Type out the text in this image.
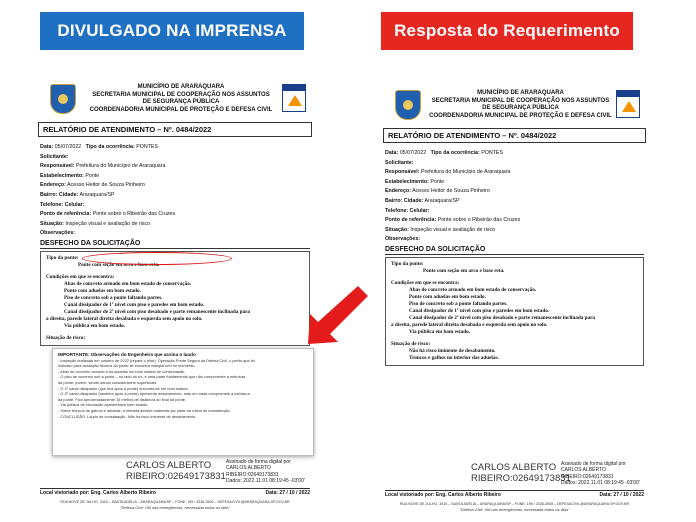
DIVULGADO NA IMPRENSA	Resposta do Requerimento
MUNICÍPIO DE ARARAQUARA
SECRETARIA MUNICIPAL DE COOPERAÇÃO NOS ASSUNTOS
DE SEGURANÇA PÚBLICA
COORDENADORIA MUNICIPAL DE PROTEÇÃO E DEFESA CIVIL
RELATÓRIO DE ATENDIMENTO – Nº. 0484/2022
Data: 05/07/2022 Tipo da ocorrência: PONTES
Solicitante:
Responsável: Prefeitura do Município de Araraquara
Estabelecimento: Ponte
Endereço: Acesso Heitor de Souza Pinheiro
Bairro: Cidade: Araraquara/SP
Telefone: Celular:
Ponto de referência: Ponte sobre o Ribeirão das Cruzes
Situação: Inspeção visual e avaliação de risco
Observações:
DESFECHO DA SOLICITAÇÃO
Tipo da ponte:
Ponte com seção em arco e base reta.
Condições em que se encontra:
Abas de concreto armado em bom estado de conservação.
Ponte com aduelas em bom estado.
Piso de concreto sob a ponte faltando partes.
Canal dissipador de 1º nível com piso e paredes em bom estado.
Canal dissipador de 2º nível com piso desabado e parte remanescente inclinada para
a direita, parede lateral direita desabada e esquerda sem apoio no solo.
Via pública em bom estado.
Situação de risco:
CARLOS ALBERTO
RIBEIRO:02649173831
Assinado de forma digital por
CARLOS ALBERTO
RIBEIRO:02649173831
Dados: 2022.11.01 08:19:45 -03'00'
Local vistoriado por: Eng. Carlos Alberto Ribeiro	Data: 27 / 10 / 2022
RUA NOVE DE JULHO, 3415 – SANTA ADÉLIA – ARARAQUARA/SP – FONE: 199 / 3336-3505 – DEFESACIVIL@ARARAQUARA.SP.GOV.BR
"Defesa Civil: Útil nas emergências, necessária todos os dias"
IMPORTANTE: Observações do Engenheiro que assina o laudo
- Inspeção realizada em outubro de 2022 (repare o pilar): Operação Ponte Segura da Defesa Civil, o perito que foi
indicado para avaliação técnica da ponte se encontra indisponível no momento.
- Abas de concreto armado e as aduelas em bom estado de conservação.
- O piso de concreto sob a ponte – no lado do rio, é uma parte fundamental que não compromete a estrutura
da ponte; porém, sendo danos consideráveis superficiais.
- O 1º canal dissipador (que fica após a ponte) encontra-se em bom estado.
- O 2º canal dissipador (também após a ponte) apresenta desabamento, mas em nada compromete a estrutura
da ponte. Fica aproximadamente 15 metros de distância do final da ponte.
- Via pública de circulação apresentava bom estado.
- Sobre troncos de galhos e aduelas: a retirada desses materiais faz parte da rotina de manutenção.
- CONCLUSÃO: Laudo de constatação. Não há risco iminente de desabamento.
MUNICÍPIO DE ARARAQUARA
SECRETARIA MUNICIPAL DE COOPERAÇÃO NOS ASSUNTOS
DE SEGURANÇA PÚBLICA
COORDENADORIA MUNICIPAL DE PROTEÇÃO E DEFESA CIVIL
RELATÓRIO DE ATENDIMENTO – Nº. 0484/2022
Data: 05/07/2022 Tipo da ocorrência: PONTES
Solicitante:
Responsável: Prefeitura do Município de Araraquara
Estabelecimento: Ponte
Endereço: Acesso Heitor de Souza Pinheiro
Bairro: Cidade: Araraquara/SP
Telefone: Celular:
Ponto de referência: Ponte sobre o Ribeirão das Cruzes
Situação: Inspeção visual e avaliação de risco
Observações:
DESFECHO DA SOLICITAÇÃO
Tipo da ponte:
Ponte com seção em arco e base reta.
Condições em que se encontra:
Abas de concreto armado em bom estado de conservação.
Ponte com aduelas em bom estado.
Piso de concreto sob a ponte faltando partes.
Canal dissipador de 1º nível com piso e paredes em bom estado.
Canal dissipador de 2º nível com piso desabado e parte remanescente inclinada para
a direita, parede lateral direita desabada e esquerda sem apoio no solo.
Via pública em bom estado.
Situação de risco:
Não há risco iminente de desabamento.
Troncos e galhos no interior das aduelas.
CARLOS ALBERTO
RIBEIRO:02649173831
Assinado de forma digital por
CARLOS ALBERTO
RIBEIRO:02649173831
Dados: 2022.11.01 08:19:45 -03'00'
Local vistoriado por: Eng. Carlos Alberto Ribeiro	Data: 27 / 10 / 2022
RUA NOVE DE JULHO, 3415 – SANTA ADÉLIA – ARARAQUARA/SP – FONE: 199 / 3336-3505 – DEFESACIVIL@ARARAQUARA.SP.GOV.BR
"Defesa Civil: Útil nas emergências, necessária todos os dias"
